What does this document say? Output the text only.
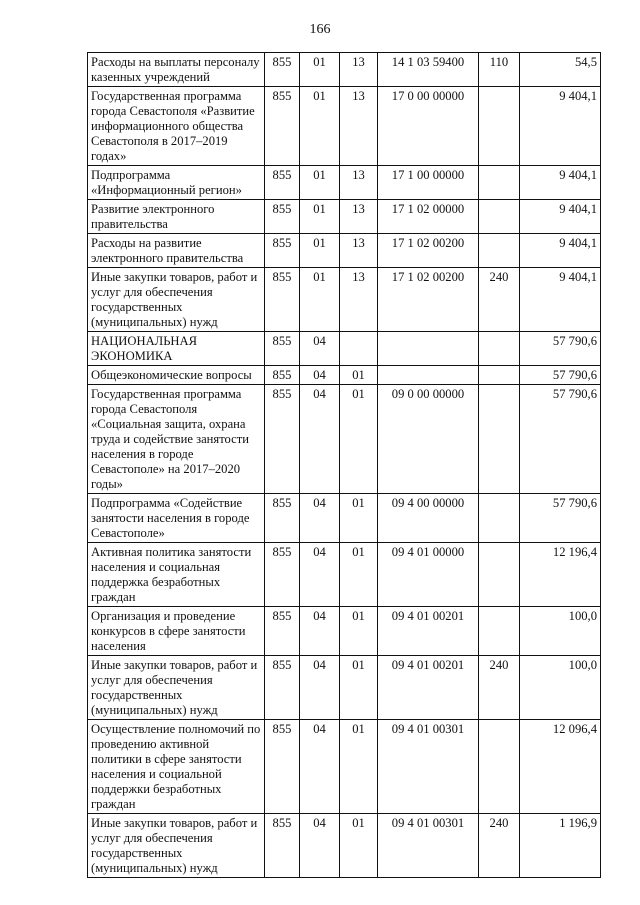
166
Расходы на выплаты персоналу казенных учреждений	855	01	13	14 1 03 59400	110	54,5
Государственная программа города Севастополя «Развитие информационного общества Севастополя в 2017–2019 годах»	855	01	13	17 0 00 00000		9 404,1
Подпрограмма «Информационный регион»	855	01	13	17 1 00 00000		9 404,1
Развитие электронного правительства	855	01	13	17 1 02 00000		9 404,1
Расходы на развитие электронного правительства	855	01	13	17 1 02 00200		9 404,1
Иные закупки товаров, работ и услуг для обеспечения государственных (муниципальных) нужд	855	01	13	17 1 02 00200	240	9 404,1
НАЦИОНАЛЬНАЯ ЭКОНОМИКА	855	04				57 790,6
Общеэкономические вопросы	855	04	01			57 790,6
Государственная программа города Севастополя «Социальная защита, охрана труда и содействие занятости населения в городе Севастополе» на 2017–2020 годы»	855	04	01	09 0 00 00000		57 790,6
Подпрограмма «Содействие занятости населения в городе Севастополе»	855	04	01	09 4 00 00000		57 790,6
Активная политика занятости населения и социальная поддержка безработных граждан	855	04	01	09 4 01 00000		12 196,4
Организация и проведение конкурсов в сфере занятости населения	855	04	01	09 4 01 00201		100,0
Иные закупки товаров, работ и услуг для обеспечения государственных (муниципальных) нужд	855	04	01	09 4 01 00201	240	100,0
Осуществление полномочий по проведению активной политики в сфере занятости населения и социальной поддержки безработных граждан	855	04	01	09 4 01 00301		12 096,4
Иные закупки товаров, работ и услуг для обеспечения государственных (муниципальных) нужд	855	04	01	09 4 01 00301	240	1 196,9
